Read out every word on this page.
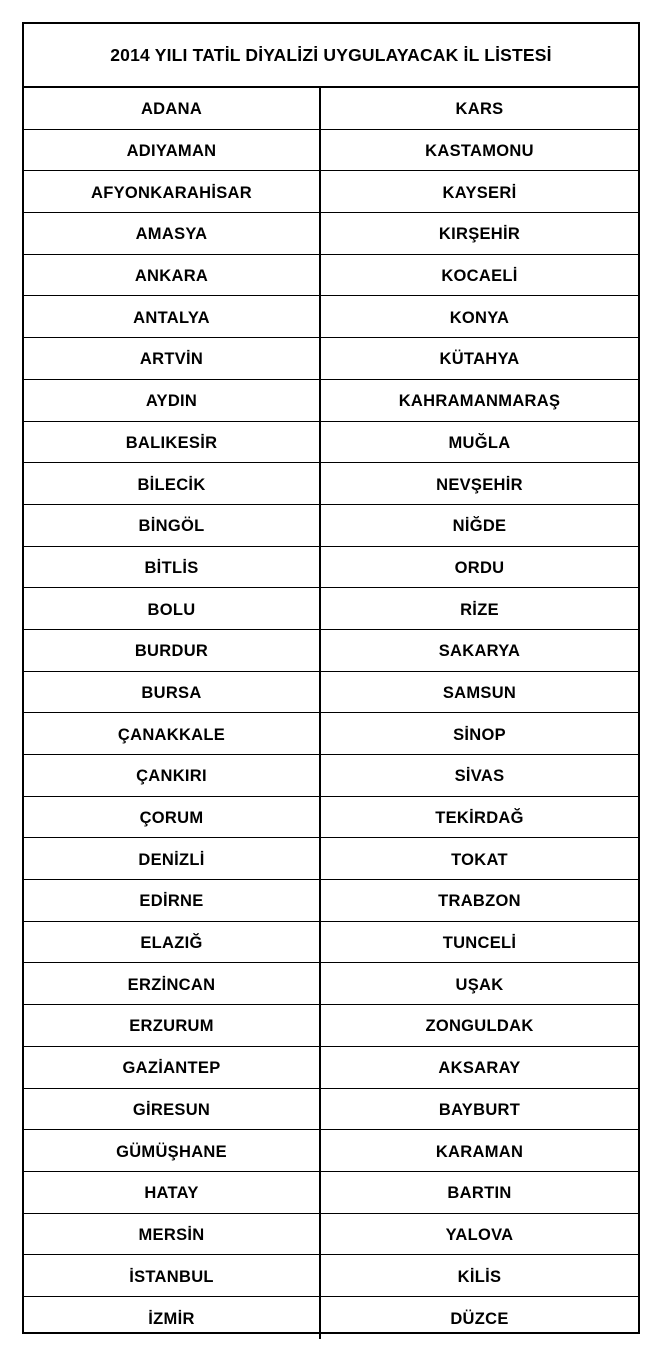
2014 YILI TATİL DİYALİZİ UYGULAYACAK İL LİSTESİ
ADANA	KARS
ADIYAMAN	KASTAMONU
AFYONKARAHİSAR	KAYSERİ
AMASYA	KIRŞEHİR
ANKARA	KOCAELİ
ANTALYA	KONYA
ARTVİN	KÜTAHYA
AYDIN	KAHRAMANMARAŞ
BALIKESİR	MUĞLA
BİLECİK	NEVŞEHİR
BİNGÖL	NİĞDE
BİTLİS	ORDU
BOLU	RİZE
BURDUR	SAKARYA
BURSA	SAMSUN
ÇANAKKALE	SİNOP
ÇANKIRI	SİVAS
ÇORUM	TEKİRDAĞ
DENİZLİ	TOKAT
EDİRNE	TRABZON
ELAZIĞ	TUNCELİ
ERZİNCAN	UŞAK
ERZURUM	ZONGULDAK
GAZİANTEP	AKSARAY
GİRESUN	BAYBURT
GÜMÜŞHANE	KARAMAN
HATAY	BARTIN
MERSİN	YALOVA
İSTANBUL	KİLİS
İZMİR	DÜZCE
